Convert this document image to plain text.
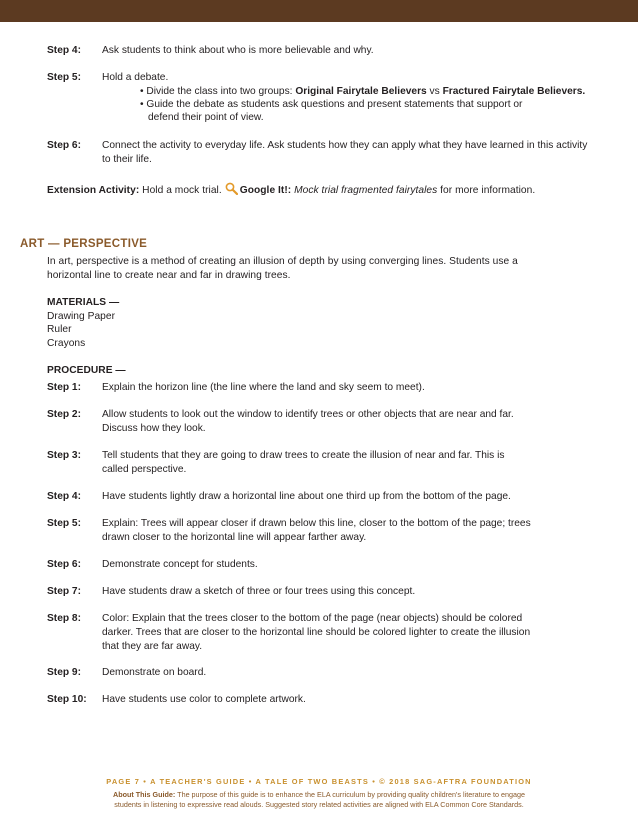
Step 4: Ask students to think about who is more believable and why.
Step 5: Hold a debate.
• Divide the class into two groups: Original Fairytale Believers vs Fractured Fairytale Believers.
• Guide the debate as students ask questions and present statements that support or
defend their point of view.
Step 6: Connect the activity to everyday life. Ask students how they can apply what they have learned in this activity
to their life.
Extension Activity: Hold a mock trial. Google It!: Mock trial fragmented fairytales for more information.
ART — PERSPECTIVE
In art, perspective is a method of creating an illusion of depth by using converging lines. Students use a
horizontal line to create near and far in drawing trees.
MATERIALS —
Drawing Paper
Ruler
Crayons
PROCEDURE —
Step 1: Explain the horizon line (the line where the land and sky seem to meet).
Step 2: Allow students to look out the window to identify trees or other objects that are near and far.
Discuss how they look.
Step 3: Tell students that they are going to draw trees to create the illusion of near and far. This is
called perspective.
Step 4: Have students lightly draw a horizontal line about one third up from the bottom of the page.
Step 5: Explain: Trees will appear closer if drawn below this line, closer to the bottom of the page; trees
drawn closer to the horizontal line will appear farther away.
Step 6: Demonstrate concept for students.
Step 7: Have students draw a sketch of three or four trees using this concept.
Step 8: Color: Explain that the trees closer to the bottom of the page (near objects) should be colored
darker. Trees that are closer to the horizontal line should be colored lighter to create the illusion
that they are far away.
Step 9: Demonstrate on board.
Step 10: Have students use color to complete artwork.
PAGE 7 • A TEACHER'S GUIDE • A TALE OF TWO BEASTS • © 2018 SAG-AFTRA FOUNDATION
About This Guide: The purpose of this guide is to enhance the ELA curriculum by providing quality children's literature to engage
students in listening to expressive read alouds. Suggested story related activities are aligned with ELA Common Core Standards.
